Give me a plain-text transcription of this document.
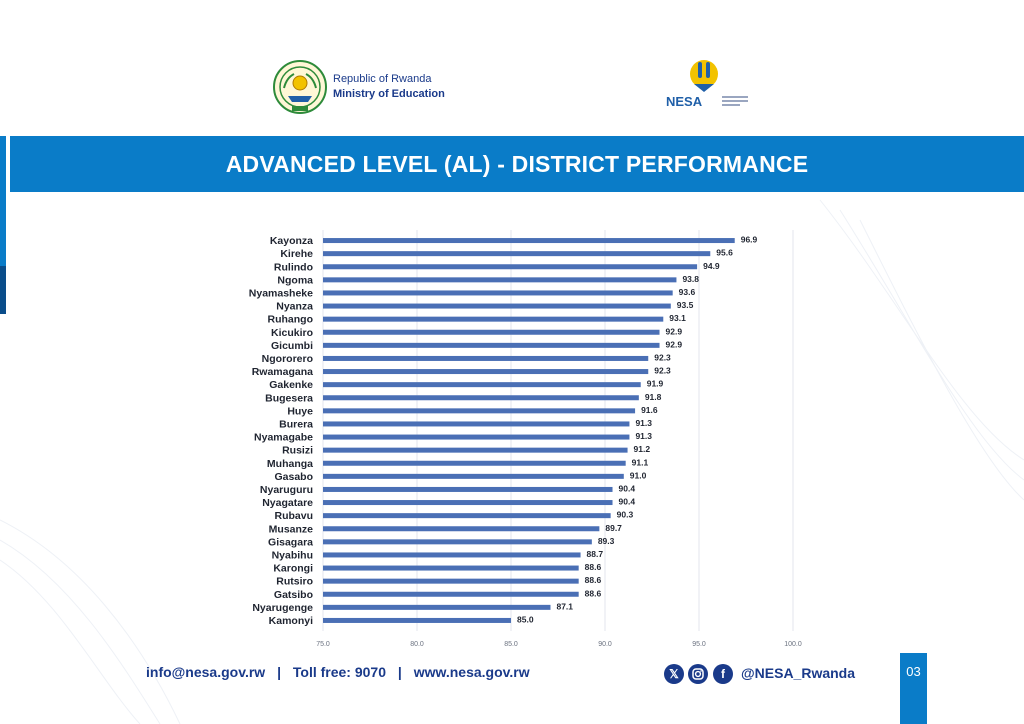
Republic of Rwanda
Ministry of Education	NESA
ADVANCED LEVEL (AL) - DISTRICT PERFORMANCE
Kayonza	96.9
Kirehe	95.6
Rulindo	94.9
Ngoma	93.8
Nyamasheke	93.6
Nyanza	93.5
Ruhango	93.1
Kicukiro	92.9
Gicumbi	92.9
Ngororero	92.3
Rwamagana	92.3
Gakenke	91.9
Bugesera	91.8
Huye	91.6
Burera	91.3
Nyamagabe	91.3
Rusizi	91.2
Muhanga	91.1
Gasabo	91.0
Nyaruguru	90.4
Nyagatare	90.4
Rubavu	90.3
Musanze	89.7
Gisagara	89.3
Nyabihu	88.7
Karongi	88.6
Rutsiro	88.6
Gatsibo	88.6
Nyarugenge	87.1
Kamonyi	85.0
75.0	80.0	85.0	90.0	95.0	100.0
info@nesa.gov.rw | Toll free: 9070 | www.nesa.gov.rw	𝕏	f	@NESA_Rwanda	03
